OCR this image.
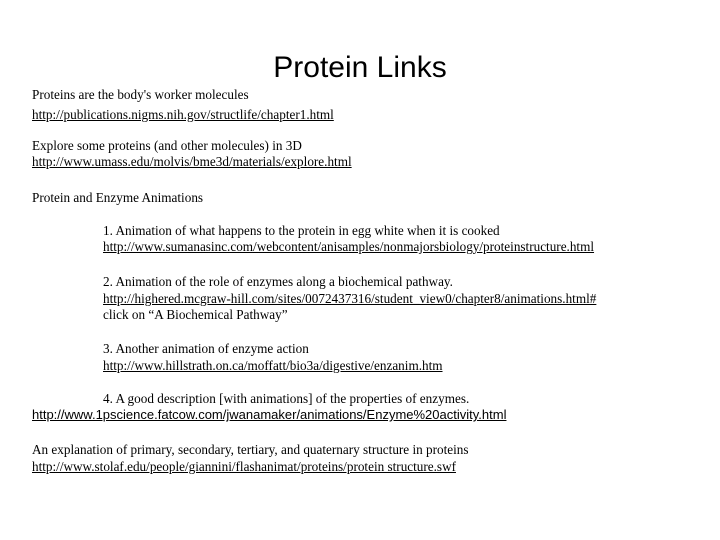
Protein Links

Proteins are the body's worker molecules

http://publications.nigms.nih.gov/structlife/chapter1.html

Explore some proteins (and other molecules) in 3D

http://www.umass.edu/molvis/bme3d/materials/explore.html

Protein and Enzyme Animations

1. Animation of what happens to the protein in egg white when it is cooked

http://www.sumanasinc.com/webcontent/anisamples/nonmajorsbiology/proteinstructure.html

2. Animation of the role of enzymes along a biochemical pathway.

http://highered.mcgraw-hill.com/sites/0072437316/student_view0/chapter8/animations.html#

click on “A Biochemical Pathway”

3. Another animation of enzyme action

http://www.hillstrath.on.ca/moffatt/bio3a/digestive/enzanim.htm

4. A good description [with animations] of the properties of enzymes.

http://www.1pscience.fatcow.com/jwanamaker/animations/Enzyme%20activity.html

An explanation of primary, secondary, tertiary, and quaternary structure in proteins

http://www.stolaf.edu/people/giannini/flashanimat/proteins/protein structure.swf
